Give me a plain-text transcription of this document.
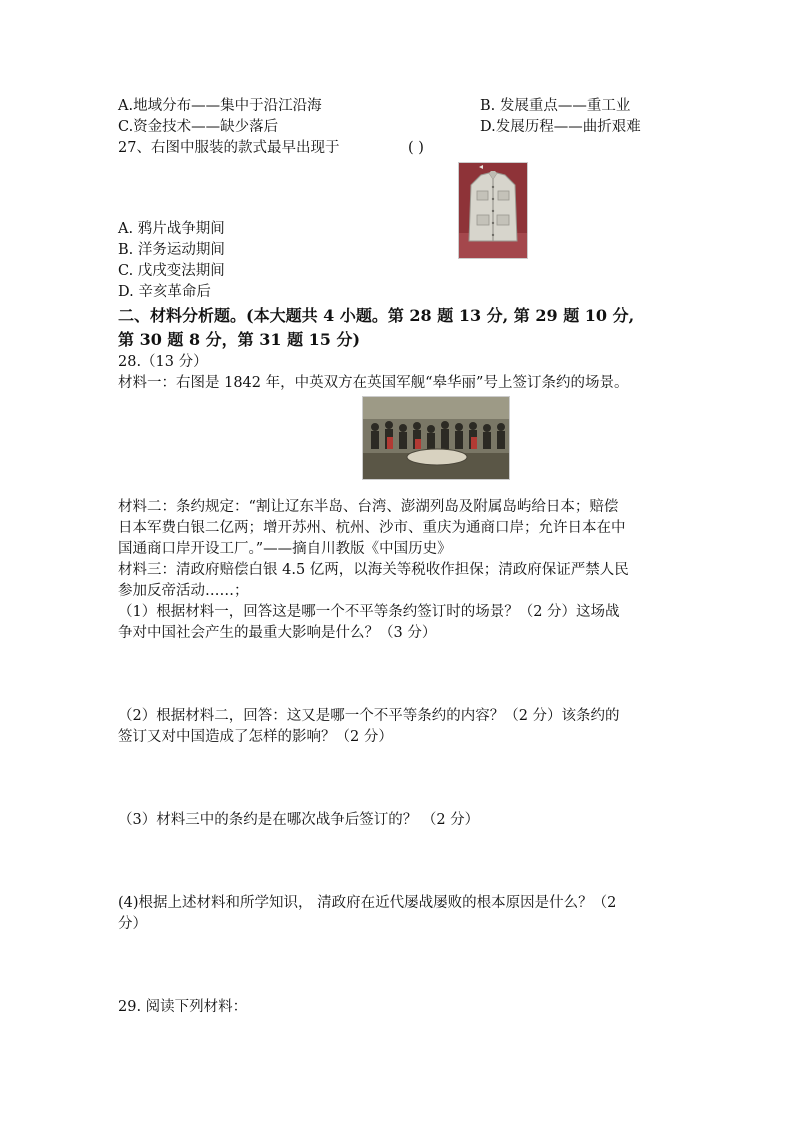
A.地域分布——集中于沿江沿海	B. 发展重点——重工业
C.资金技术——缺少落后	D.发展历程——曲折艰难
27、右图中服装的款式最早出现于	( )
A. 鸦片战争期间
B. 洋务运动期间
C. 戊戌变法期间
D. 辛亥革命后
二、材料分析题。(本大题共 4 小题。第 28 题 13 分, 第 29 题 10 分,
第 30 题 8 分，第 31 题 15 分)
28.（13 分）
材料一：右图是 1842 年，中英双方在英国军舰“皋华丽”号上签订条约的场景。
材料二：条约规定：“割让辽东半岛、台湾、澎湖列岛及附属岛屿给日本；赔偿
日本军费白银二亿两；增开苏州、杭州、沙市、重庆为通商口岸；允许日本在中
国通商口岸开设工厂。”——摘自川教版《中国历史》
材料三：清政府赔偿白银 4.5 亿两，以海关等税收作担保；清政府保证严禁人民
参加反帝活动……；
（1）根据材料一，回答这是哪一个不平等条约签订时的场景？（2 分）这场战
争对中国社会产生的最重大影响是什么？（3 分）
（2）根据材料二，回答：这又是哪一个不平等条约的内容？（2 分）该条约的
签订又对中国造成了怎样的影响？（2 分）
（3）材料三中的条约是在哪次战争后签订的？ （2 分）
(4)根据上述材料和所学知识， 清政府在近代屡战屡败的根本原因是什么？（2
分）
29. 阅读下列材料：
